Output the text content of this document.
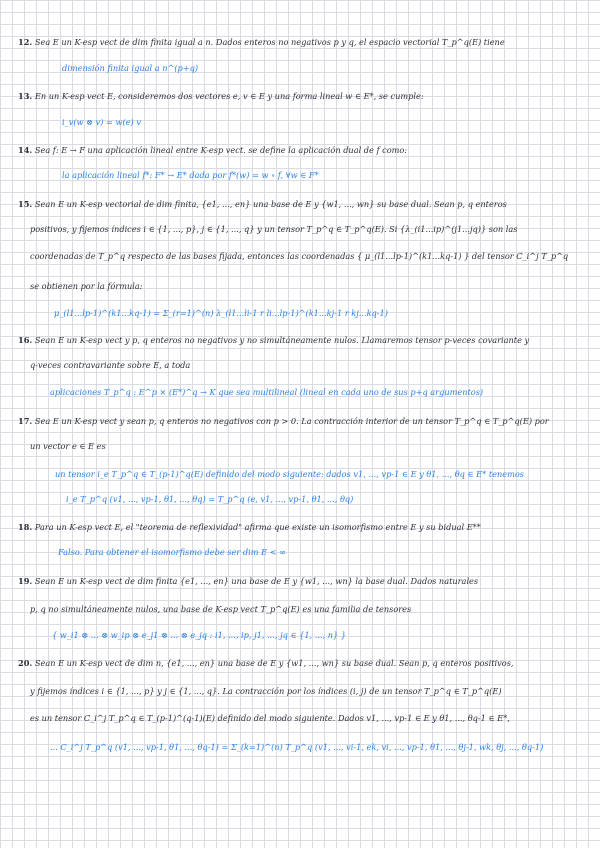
12. Sea E un K-esp vect de dim finita igual a n. Dados enteros no negativos p y q, el espacio vectorial T_p^q(E) tiene
dimensión finita igual a n^(p+q)
13. En un K-esp vect E, consideremos dos vectores e, v ∈ E y una forma lineal w ∈ E*, se cumple:
i_v(w ⊗ v) = w(e) v
14. Sea f: E → F una aplicación lineal entre K-esp vect. se define la aplicación dual de f como:
la aplicación lineal f*: F* → E* dada por f*(w) = w ∘ f, ∀w ∈ F*
15. Sean E un K-esp vectorial de dim finita, {e1, ..., en} una base de E y {w1, ..., wn} su base dual. Sean p, q enteros
positivos, y fijemos índices i ∈ {1, ..., p}, j ∈ {1, ..., q} y un tensor T_p^q ∈ T_p^q(E). Si {λ_(i1...ip)^(j1...jq)} son las
coordenadas de T_p^q respecto de las bases fijada, entonces las coordenadas { μ_(l1...lp-1)^(k1...kq-1) } del tensor C_i^j T_p^q
se obtienen por la fórmula:
μ_(l1...lp-1)^(k1...kq-1) = Σ_(r=1)^(n) λ_(l1...li-1 r li...lp-1)^(k1...kj-1 r kj...kq-1)
16. Sean E un K-esp vect y p, q enteros no negativos y no simultáneamente nulos. Llamaremos tensor p-veces covariante y
q-veces contravariante sobre E, a toda
aplicaciones T_p^q : E^p × (E*)^q → K que sea multilineal (lineal en cada uno de sus p+q argumentos)
17. Sea E un K-esp vect y sean p, q enteros no negativos con p > 0. La contracción interior de un tensor T_p^q ∈ T_p^q(E) por
un vector e ∈ E es
un tensor i_e T_p^q ∈ T_(p-1)^q(E) definido del modo siguiente: dados v1, ..., vp-1 ∈ E y θ1, ..., θq ∈ E* tenemos
i_e T_p^q (v1, ..., vp-1, θ1, ..., θq) = T_p^q (e, v1, ..., vp-1, θ1, ..., θq)
18. Para un K-esp vect E, el "teorema de reflexividad" afirma que existe un isomorfismo entre E y su bidual E**
Falso. Para obtener el isomorfismo debe ser dim E < ∞
19. Sean E un K-esp vect de dim finita {e1, ..., en} una base de E y {w1, ..., wn} la base dual. Dados naturales
p, q no simultáneamente nulos, una base de K-esp vect T_p^q(E) es una familia de tensores
{ w_i1 ⊗ ... ⊗ w_ip ⊗ e_j1 ⊗ ... ⊗ e_jq : i1, ..., ip, j1, ..., jq ∈ {1, ..., n} }
20. Sean E un K-esp vect de dim n, {e1, ..., en} una base de E y {w1, ..., wn} su base dual. Sean p, q enteros positivos,
y fijemos índices i ∈ {1, ..., p} y j ∈ {1, ..., q}. La contracción por los índices (i, j) de un tensor T_p^q ∈ T_p^q(E)
es un tensor C_i^j T_p^q ∈ T_(p-1)^(q-1)(E) definido del modo siguiente. Dados v1, ..., vp-1 ∈ E y θ1, ..., θq-1 ∈ E*,
... C_i^j T_p^q (v1, ..., vp-1, θ1, ..., θq-1) = Σ_(k=1)^(n) T_p^q (v1, ..., vi-1, ek, vi, ..., vp-1, θ1, ..., θj-1, wk, θj, ..., θq-1)
